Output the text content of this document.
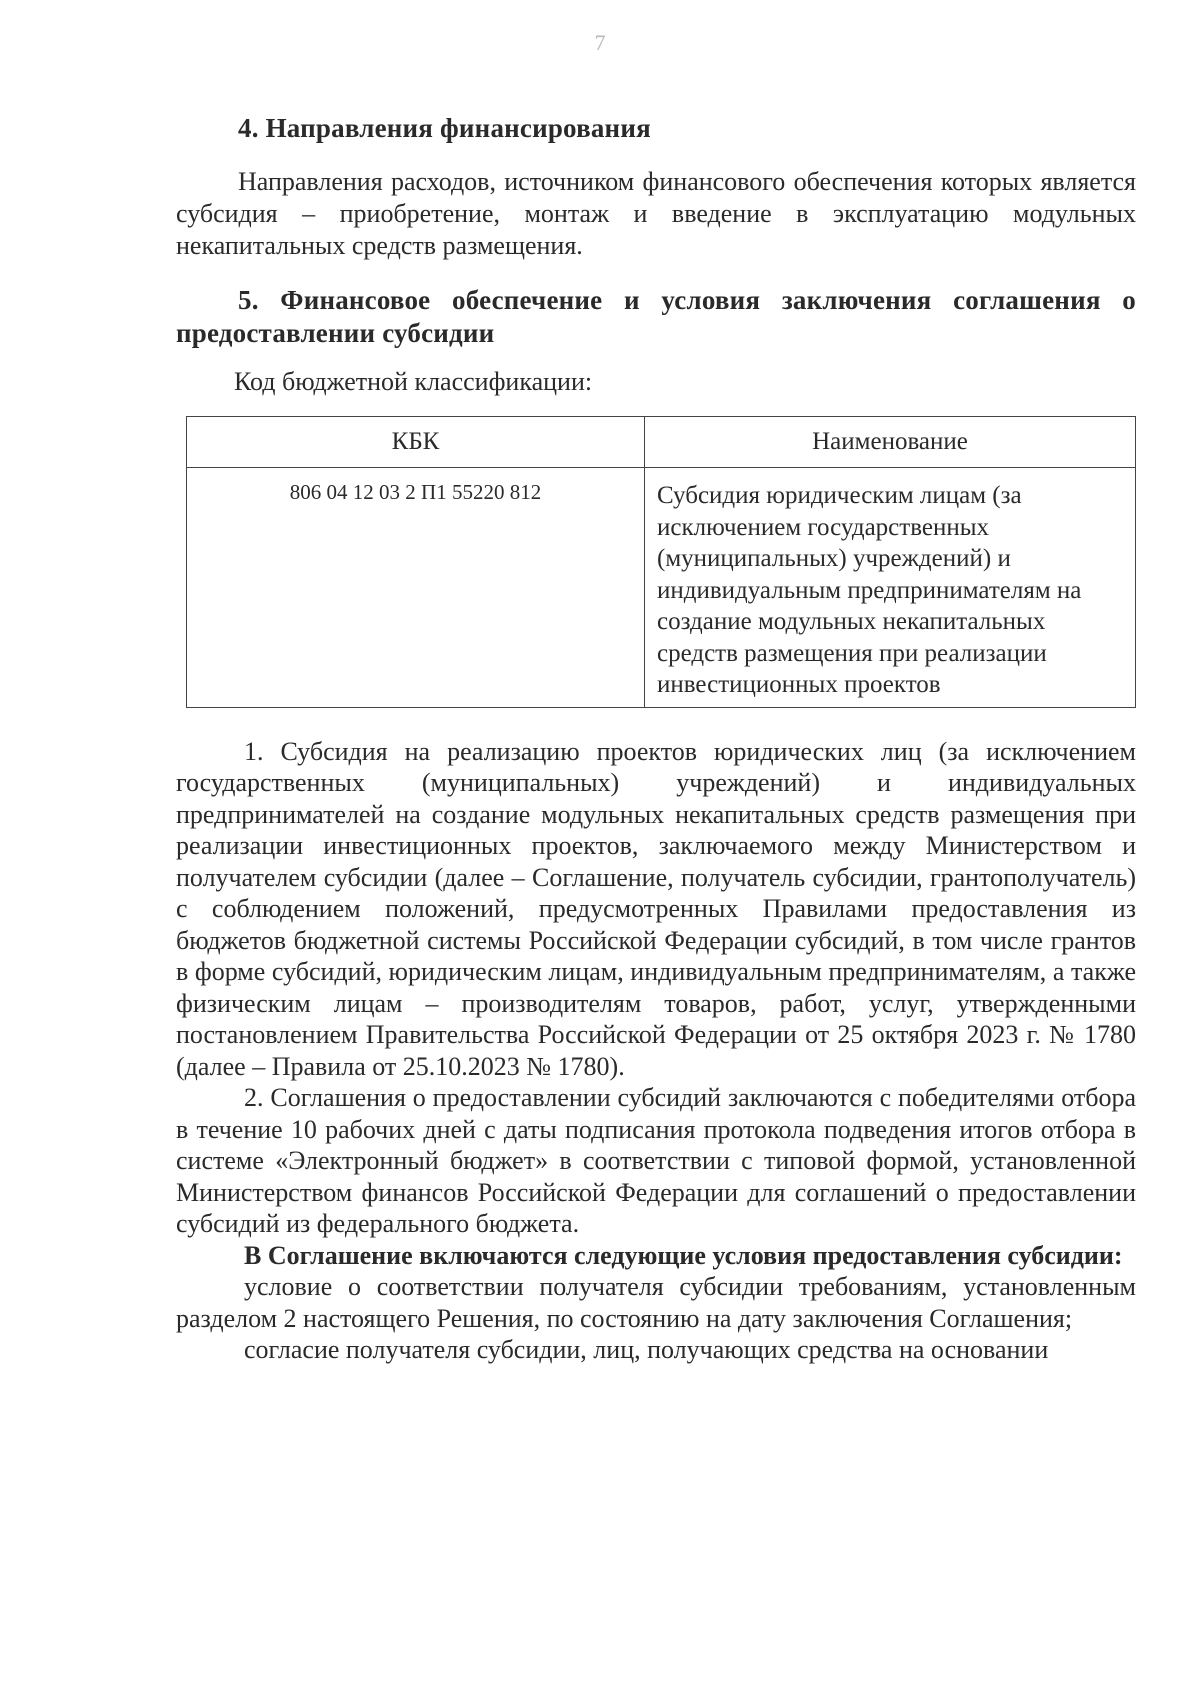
7

4. Направления финансирования

Направления расходов, источником финансового обеспечения которых является субсидия – приобретение, монтаж и введение в эксплуатацию модульных некапитальных средств размещения.

5. Финансовое обеспечение и условия заключения соглашения о предоставлении субсидии

Код бюджетной классификации:

КБК	Наименование
806 04 12 03 2 П1 55220 812	Субсидия юридическим лицам (за исключением государственных (муниципальных) учреждений) и индивидуальным предпринимателям на создание модульных некапитальных средств размещения при реализации инвестиционных проектов

1. Субсидия на реализацию проектов юридических лиц (за исключением государственных (муниципальных) учреждений) и индивидуальных предпринимателей на создание модульных некапитальных средств размещения при реализации инвестиционных проектов, заключаемого между Министерством и получателем субсидии (далее – Соглашение, получатель субсидии, грантополучатель) с соблюдением положений, предусмотренных Правилами предоставления из бюджетов бюджетной системы Российской Федерации субсидий, в том числе грантов в форме субсидий, юридическим лицам, индивидуальным предпринимателям, а также физическим лицам – производителям товаров, работ, услуг, утвержденными постановлением Правительства Российской Федерации от 25 октября 2023 г. № 1780 (далее – Правила от 25.10.2023 № 1780).

2. Соглашения о предоставлении субсидий заключаются с победителями отбора в течение 10 рабочих дней с даты подписания протокола подведения итогов отбора в системе «Электронный бюджет» в соответствии с типовой формой, установленной Министерством финансов Российской Федерации для соглашений о предоставлении субсидий из федерального бюджета.

В Соглашение включаются следующие условия предоставления субсидии:

условие о соответствии получателя субсидии требованиям, установленным разделом 2 настоящего Решения, по состоянию на дату заключения Соглашения;

согласие получателя субсидии, лиц, получающих средства на основании
